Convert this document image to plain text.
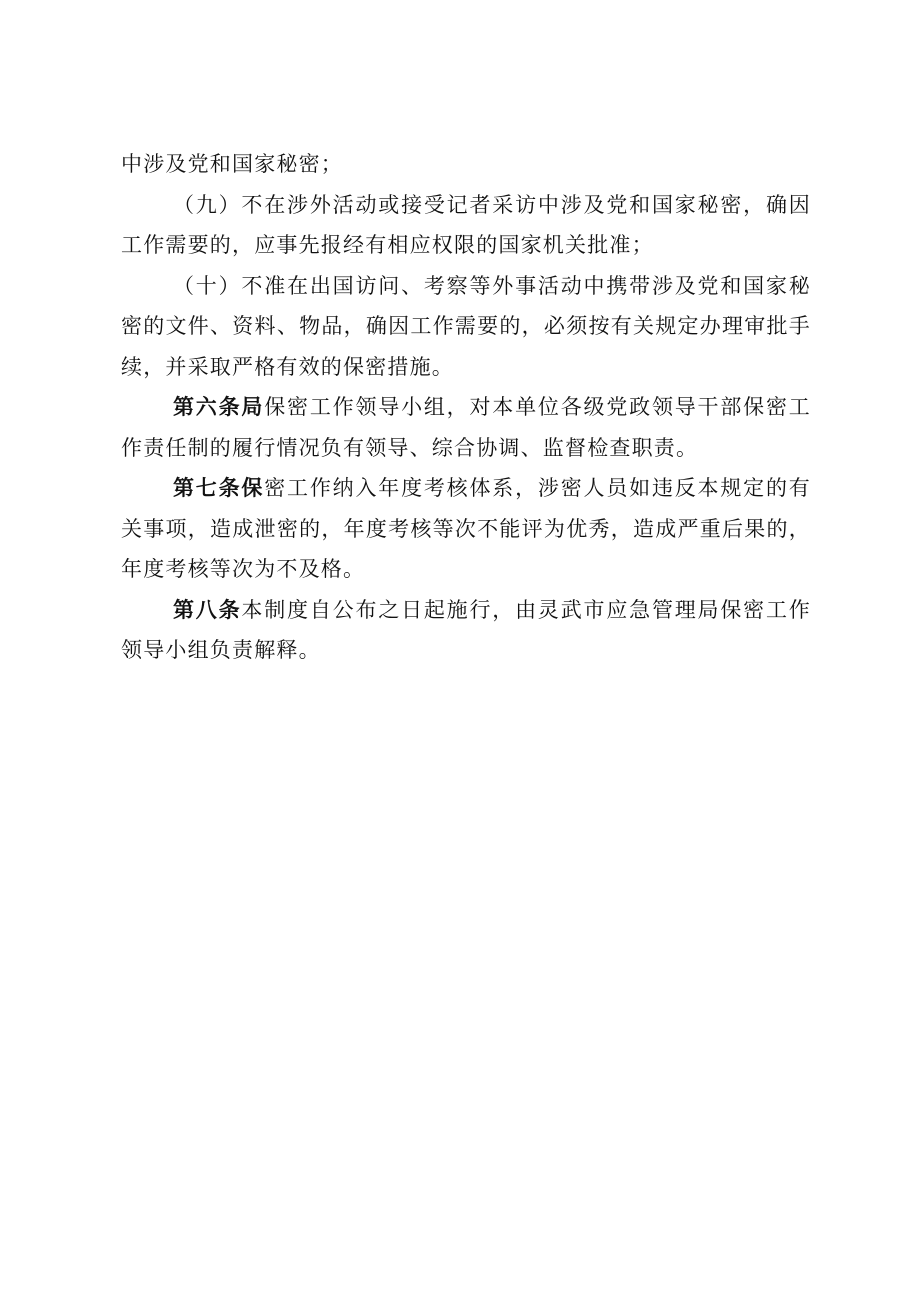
中涉及党和国家秘密；

（九）不在涉外活动或接受记者采访中涉及党和国家秘密，确因工作需要的，应事先报经有相应权限的国家机关批准；

（十）不准在出国访问、考察等外事活动中携带涉及党和国家秘密的文件、资料、物品，确因工作需要的，必须按有关规定办理审批手续，并采取严格有效的保密措施。

第六条局保密工作领导小组，对本单位各级党政领导干部保密工作责任制的履行情况负有领导、综合协调、监督检查职责。

第七条保密工作纳入年度考核体系，涉密人员如违反本规定的有关事项，造成泄密的，年度考核等次不能评为优秀，造成严重后果的，年度考核等次为不及格。

第八条本制度自公布之日起施行，由灵武市应急管理局保密工作领导小组负责解释。
